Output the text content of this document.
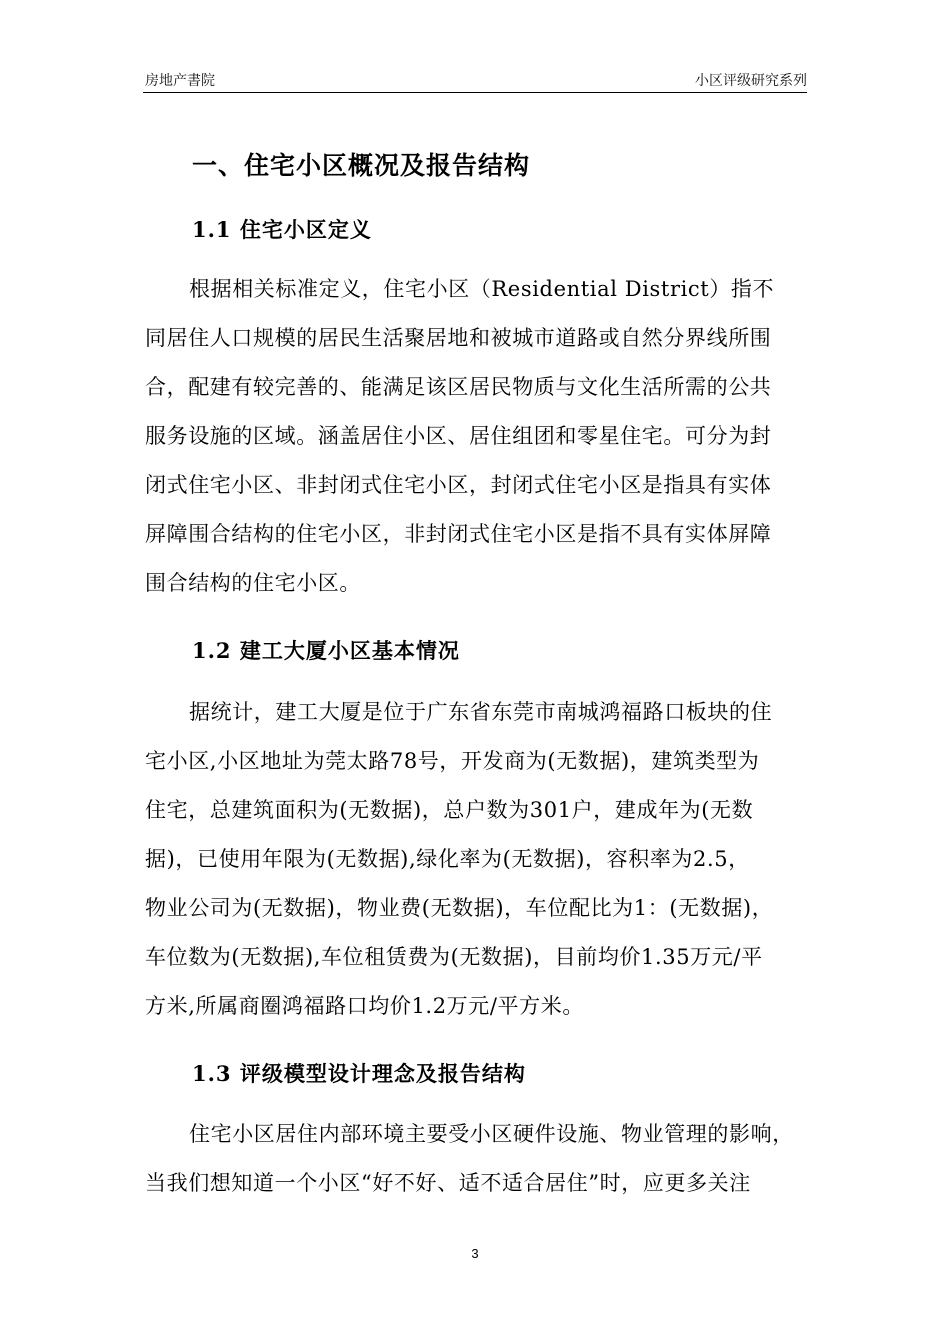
房地产書院	小区评级研究系列
一、住宅小区概况及报告结构
1.1 住宅小区定义
根据相关标准定义，住宅小区（Residential District）指不
同居住人口规模的居民生活聚居地和被城市道路或自然分界线所围
合，配建有较完善的、能满足该区居民物质与文化生活所需的公共
服务设施的区域。涵盖居住小区、居住组团和零星住宅。可分为封
闭式住宅小区、非封闭式住宅小区，封闭式住宅小区是指具有实体
屏障围合结构的住宅小区，非封闭式住宅小区是指不具有实体屏障
围合结构的住宅小区。
1.2 建工大厦小区基本情况
据统计，建工大厦是位于广东省东莞市南城鸿福路口板块的住
宅小区,小区地址为莞太路78号，开发商为(无数据)，建筑类型为
住宅，总建筑面积为(无数据)，总户数为301户，建成年为(无数
据)，已使用年限为(无数据),绿化率为(无数据)，容积率为2.5，
物业公司为(无数据)，物业费(无数据)，车位配比为1：(无数据)，
车位数为(无数据),车位租赁费为(无数据)，目前均价1.35万元/平
方米,所属商圈鸿福路口均价1.2万元/平方米。
1.3 评级模型设计理念及报告结构
住宅小区居住内部环境主要受小区硬件设施、物业管理的影响，
当我们想知道一个小区“好不好、适不适合居住”时，应更多关注
3
